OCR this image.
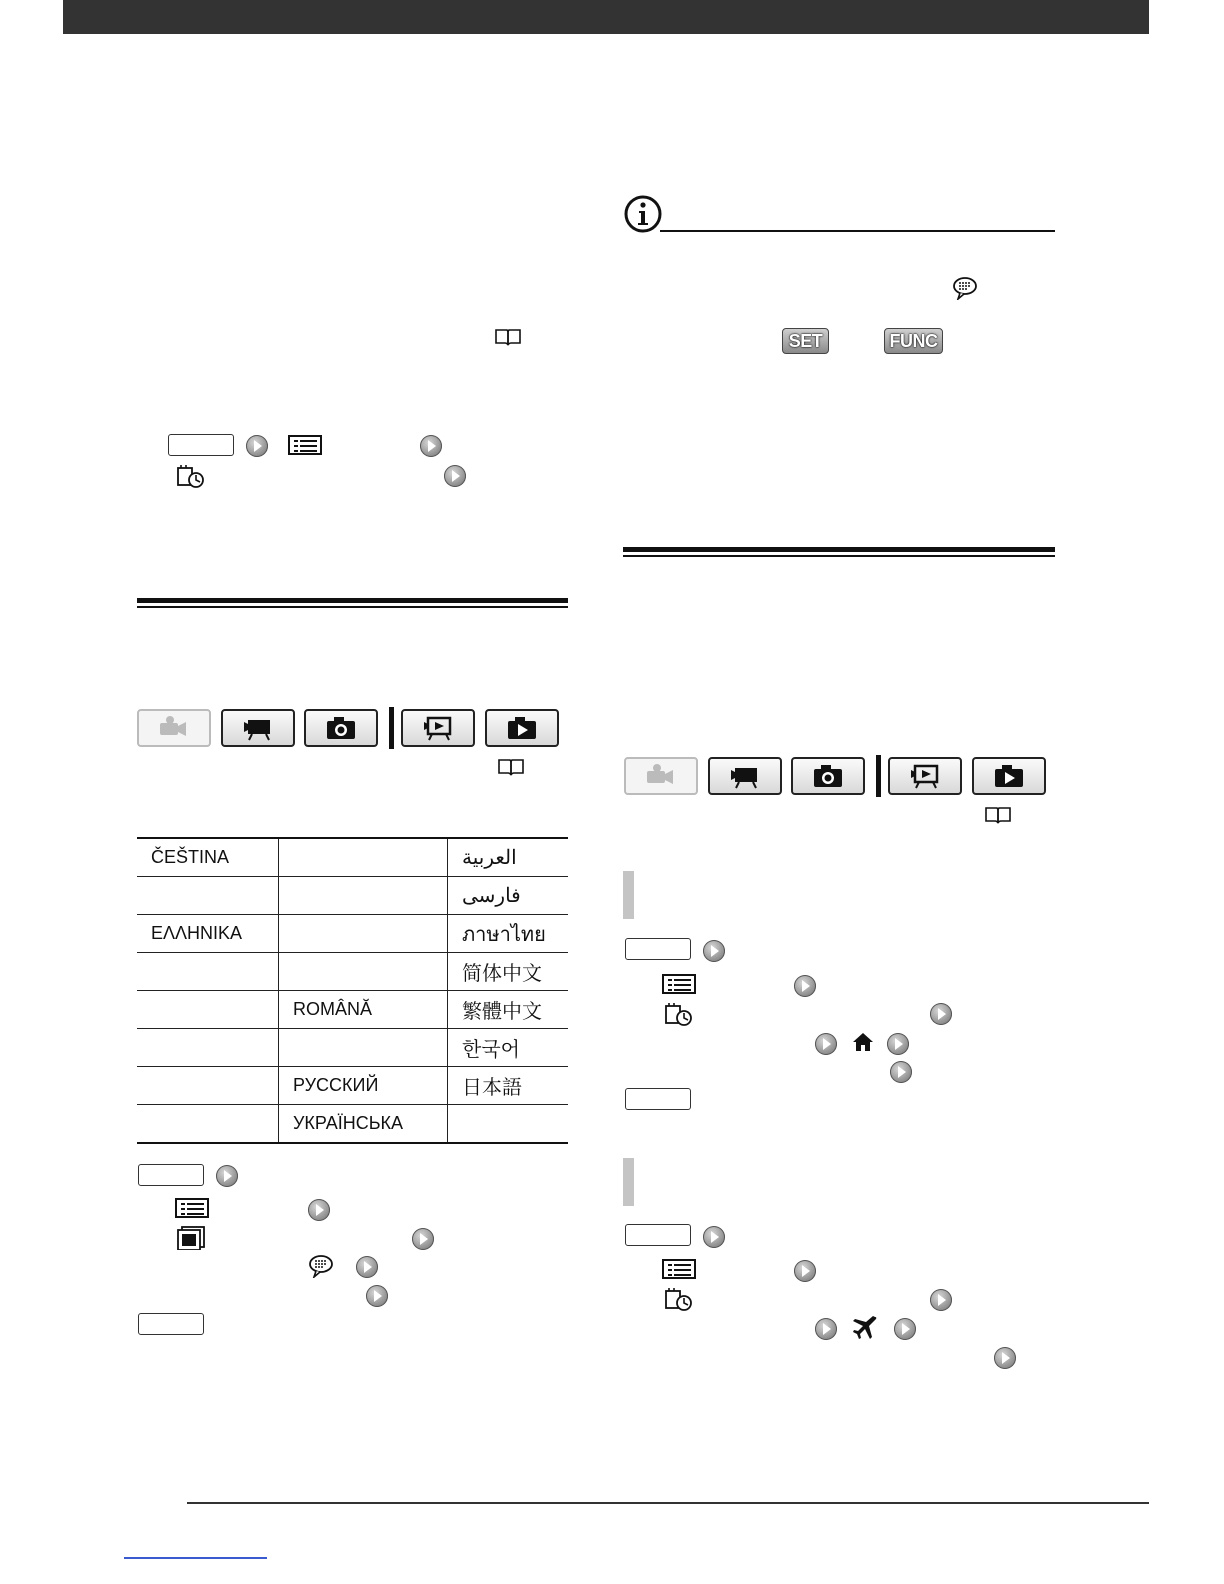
ČEŠTINA		العربية
		فارسی
ΕΛΛΗΝΙΚΑ		ภาษาไทย
		简体中文
	ROMÂNĂ	繁體中文
		한국어
	РУССКИЙ	日本語
	УКРАЇНСЬКА	
SET	FUNC
